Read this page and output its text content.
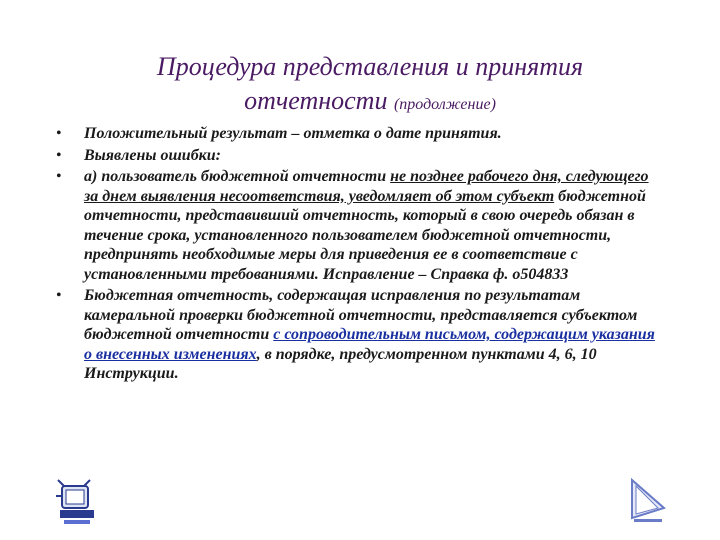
Процедура представления и принятия
отчетности (продолжение)
• Положительный результат – отметка о дате принятия.
• Выявлены ошибки:
• а) пользователь бюджетной отчетности не позднее рабочего дня, следующего за днем выявления несоответствия, уведомляет об этом субъект бюджетной отчетности, представивший отчетность, который в свою очередь обязан в течение срока, установленного пользователем бюджетной отчетности, предпринять необходимые меры для приведения ее в соответствие с установленными требованиями. Исправление – Справка ф. о504833
• Бюджетная отчетность, содержащая исправления по результатам камеральной проверки бюджетной отчетности, представляется субъектом бюджетной отчетности с сопроводительным письмом, содержащим указания о внесенных изменениях, в порядке, предусмотренном пунктами 4, 6, 10 Инструкции.
